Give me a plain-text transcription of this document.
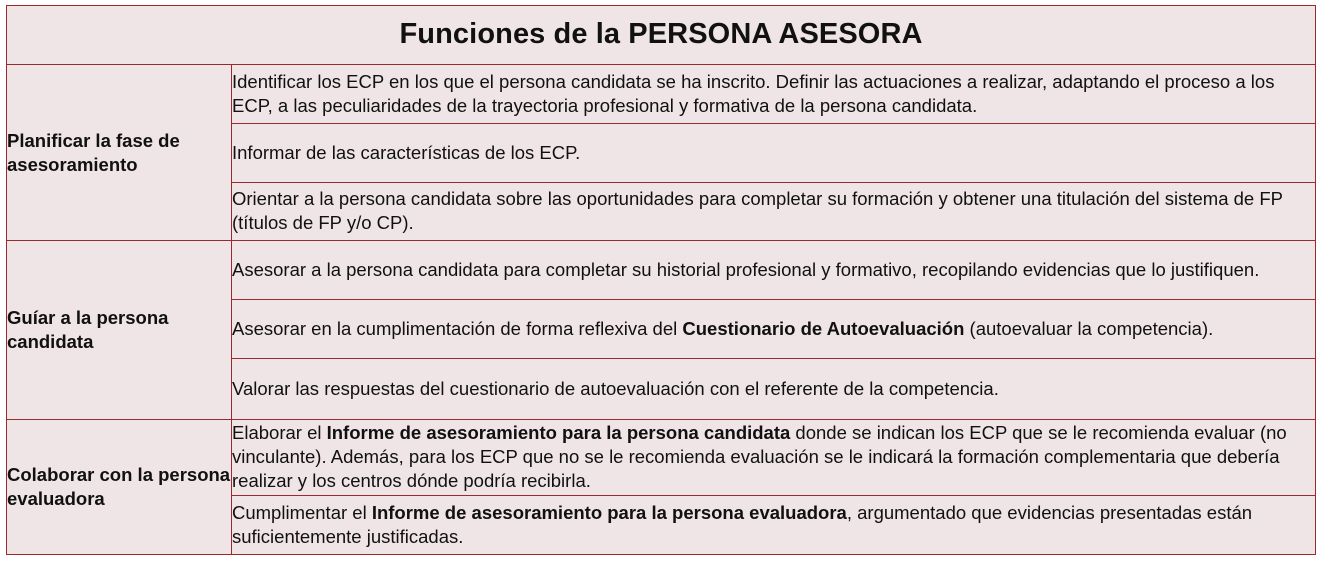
Funciones de la PERSONA ASESORA	
Planificar la fase de asesoramiento	Identificar los ECP en los que el persona candidata se ha inscrito. Definir las actuaciones a realizar, adaptando el proceso a los ECP, a las peculiaridades de la trayectoria profesional y formativa de la persona candidata.
	Informar de las características de los ECP.
	Orientar a la persona candidata sobre las oportunidades para completar su formación y obtener una titulación del sistema de FP (títulos de FP y/o CP).
Guíar a la persona candidata	Asesorar a la persona candidata para completar su historial profesional y formativo, recopilando evidencias que lo justifiquen.
	Asesorar en la cumplimentación de forma reflexiva del Cuestionario de Autoevaluación (autoevaluar la competencia).
	Valorar las respuestas del cuestionario de autoevaluación con el referente de la competencia.
Colaborar con la persona evaluadora	Elaborar el Informe de asesoramiento para la persona candidata donde se indican los ECP que se le recomienda evaluar (no vinculante). Además, para los ECP que no se le recomienda evaluación se le indicará la formación complementaria que debería realizar y los centros dónde podría recibirla.
	Cumplimentar el Informe de asesoramiento para la persona evaluadora, argumentado que evidencias presentadas están suficientemente justificadas.
